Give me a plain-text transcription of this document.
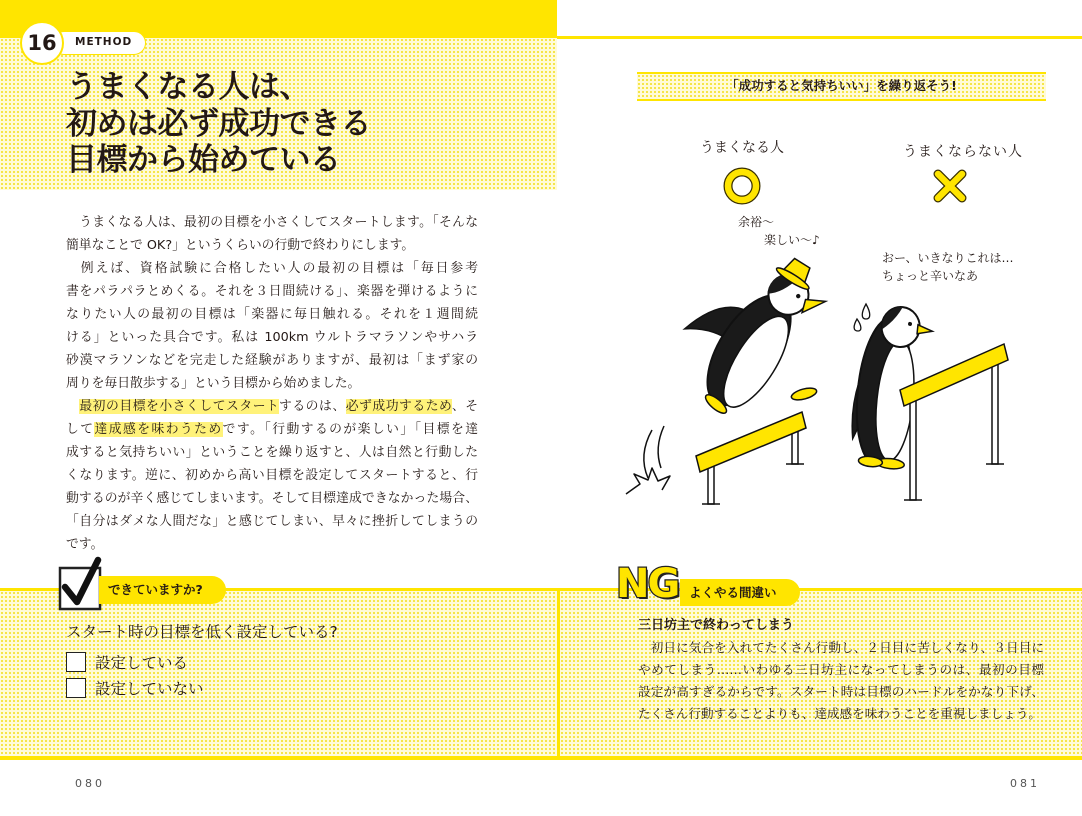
16	METHOD
うまくなる人は、
初めは必ず成功できる
目標から始めている
　うまくなる人は、最初の目標を小さくしてスタートします。「そんな
簡単なことで OK?」というくらいの行動で終わりにします。
　例えば、資格試験に合格したい人の最初の目標は「毎日参考
書をパラパラとめくる。それを３日間続ける」、楽器を弾けるように
なりたい人の最初の目標は「楽器に毎日触れる。それを１週間続
ける」といった具合です。私は 100km ウルトラマラソンやサハラ
砂漠マラソンなどを完走した経験がありますが、最初は「まず家の
周りを毎日散歩する」という目標から始めました。
　最初の目標を小さくしてスタートするのは、必ず成功するため、そ
して達成感を味わうためです。「行動するのが楽しい」「目標を達
成すると気持ちいい」ということを繰り返すと、人は自然と行動した
くなります。逆に、初めから高い目標を設定してスタートすると、行
動するのが辛く感じてしまいます。そして目標達成できなかった場合、
「自分はダメな人間だな」と感じてしまい、早々に挫折してしまうの
です。
できていますか?
スタート時の目標を低く設定している?
設定している
設定していない
080
「成功すると気持ちいい」を繰り返そう!
うまくなる人	うまくならない人
余裕〜
楽しい〜♪
おー、いきなりこれは…
ちょっと辛いなあ
NG よくやる間違い
三日坊主で終わってしまう
　初日に気合を入れてたくさん行動し、２日目に苦しくなり、３日目に
やめてしまう……いわゆる三日坊主になってしまうのは、最初の目標
設定が高すぎるからです。スタート時は目標のハードルをかなり下げ、
たくさん行動することよりも、達成感を味わうことを重視しましょう。
081
